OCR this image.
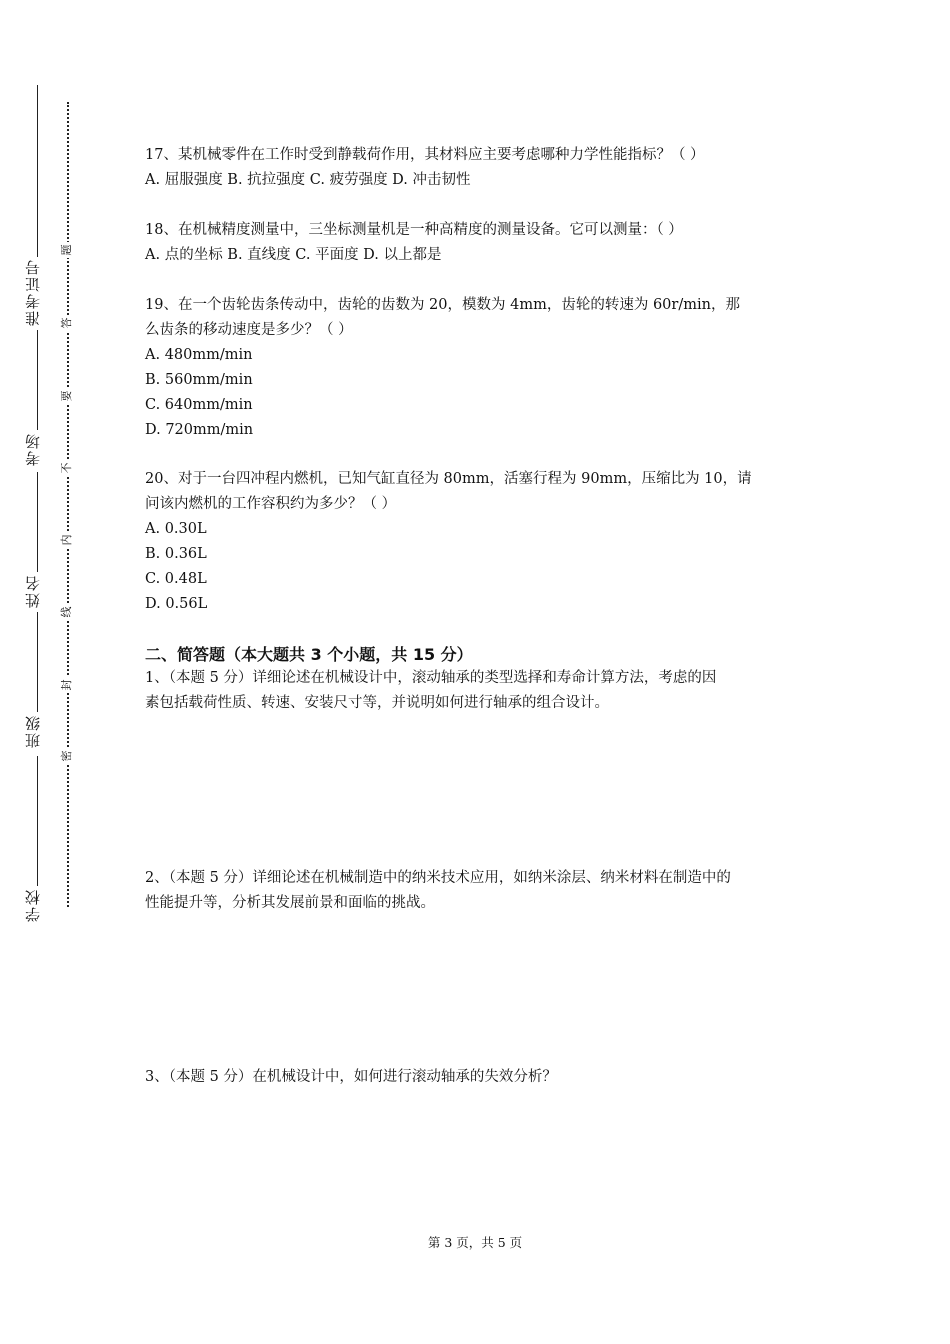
准考证号
考场
姓名
班级
学校
题
答
要
不
内
线
封
密
17、某机械零件在工作时受到静载荷作用，其材料应主要考虑哪种力学性能指标？（ ）
A. 屈服强度 B. 抗拉强度 C. 疲劳强度 D. 冲击韧性
18、在机械精度测量中，三坐标测量机是一种高精度的测量设备。它可以测量：（ ）
A. 点的坐标 B. 直线度 C. 平面度 D. 以上都是
19、在一个齿轮齿条传动中，齿轮的齿数为 20，模数为 4mm，齿轮的转速为 60r/min，那
么齿条的移动速度是多少？（ ）
A. 480mm/min
B. 560mm/min
C. 640mm/min
D. 720mm/min
20、对于一台四冲程内燃机，已知气缸直径为 80mm，活塞行程为 90mm，压缩比为 10，请
问该内燃机的工作容积约为多少？（ ）
A. 0.30L
B. 0.36L
C. 0.48L
D. 0.56L
二、简答题（本大题共 3 个小题，共 15 分）
1、（本题 5 分）详细论述在机械设计中，滚动轴承的类型选择和寿命计算方法，考虑的因
素包括载荷性质、转速、安装尺寸等，并说明如何进行轴承的组合设计。
2、（本题 5 分）详细论述在机械制造中的纳米技术应用，如纳米涂层、纳米材料在制造中的
性能提升等，分析其发展前景和面临的挑战。
3、（本题 5 分）在机械设计中，如何进行滚动轴承的失效分析？
第 3 页，共 5 页
